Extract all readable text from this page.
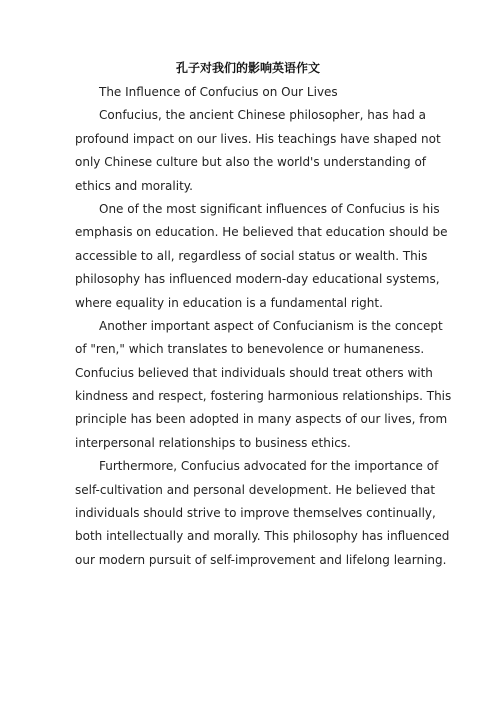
孔子对我们的影响英语作文
The Influence of Confucius on Our Lives
Confucius, the ancient Chinese philosopher, has had a
profound impact on our lives. His teachings have shaped not
only Chinese culture but also the world's understanding of
ethics and morality.
One of the most significant influences of Confucius is his
emphasis on education. He believed that education should be
accessible to all, regardless of social status or wealth. This
philosophy has influenced modern-day educational systems,
where equality in education is a fundamental right.
Another important aspect of Confucianism is the concept
of "ren," which translates to benevolence or humaneness.
Confucius believed that individuals should treat others with
kindness and respect, fostering harmonious relationships. This
principle has been adopted in many aspects of our lives, from
interpersonal relationships to business ethics.
Furthermore, Confucius advocated for the importance of
self-cultivation and personal development. He believed that
individuals should strive to improve themselves continually,
both intellectually and morally. This philosophy has influenced
our modern pursuit of self-improvement and lifelong learning.
